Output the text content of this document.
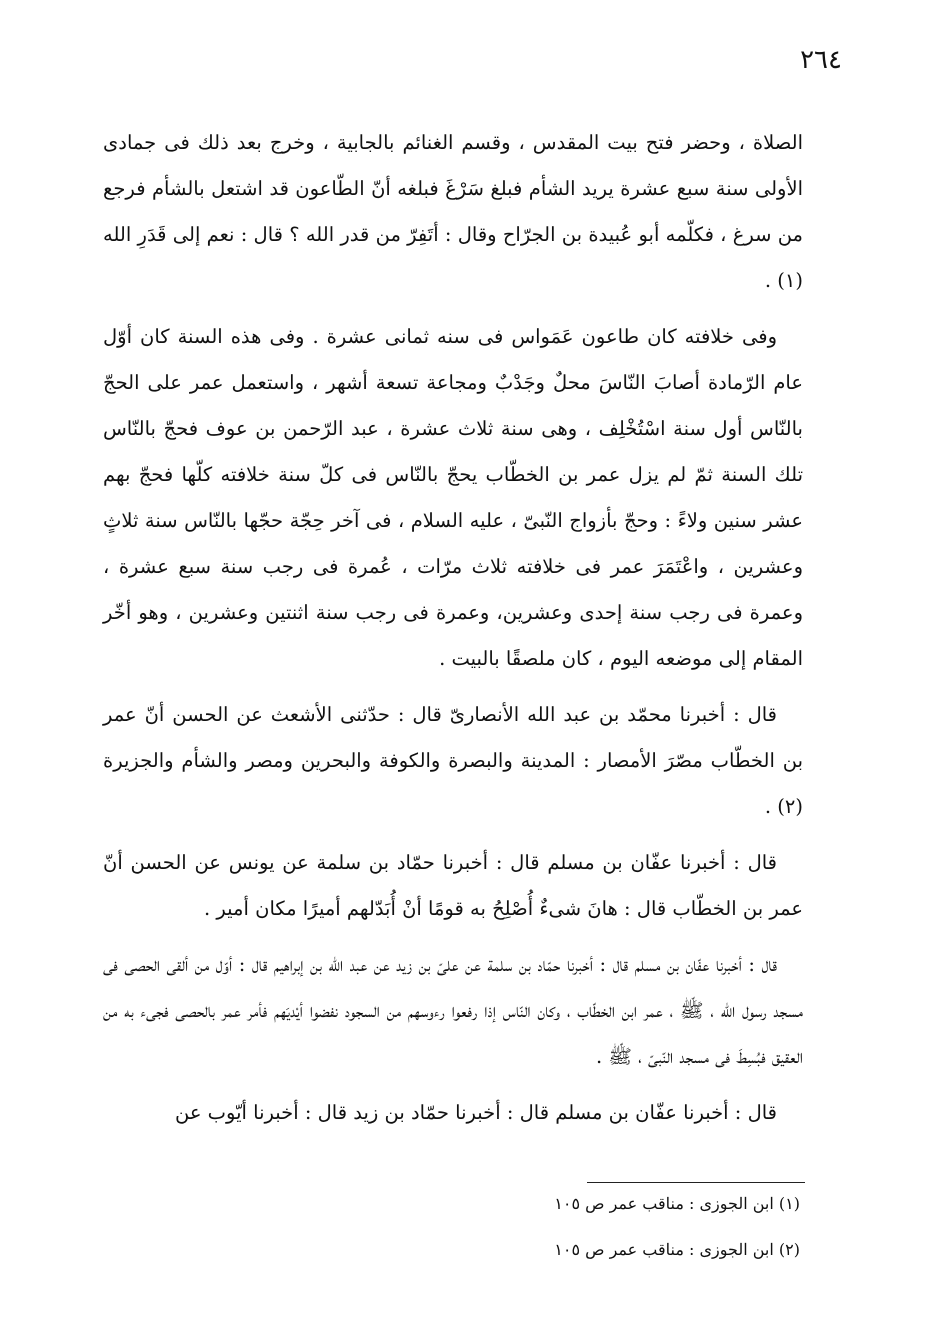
٢٦٤

الصلاة ، وحضر فتح بيت المقدس ، وقسم الغنائم بالجابية ، وخرج بعد ذلك فى جمادى الأولى سنة سبع عشرة يريد الشأم فبلغ سَرْغَ فبلغه أنّ الطّاعون قد اشتعل بالشأم فرجع من سرغ ، فكلّمه أبو عُبيدة بن الجرّاح وقال : أتَفِرّ من قدر الله ؟ قال : نعم إلى قَدَرِ الله (١) .

وفى خلافته كان طاعون عَمَواس فى سنه ثمانى عشرة . وفى هذه السنة كان أوّل عام الرّمادة أصابَ النّاسَ محلٌ وجَدْبٌ ومجاعة تسعة أشهر ، واستعمل عمر على الحجّ بالنّاس أول سنة اسْتُخْلِف ، وهى سنة ثلاث عشرة ، عبد الرّحمن بن عوف فحجّ بالنّاس تلك السنة ثمّ لم يزل عمر بن الخطّاب يحجّ بالنّاس فى كلّ سنة خلافته كلّها فحجّ بهم عشر سنين ولاءً : وحجّ بأزواج النّبىّ ، عليه السلام ، فى آخر حِجّة حجّها بالنّاس سنة ثلاثٍ وعشرين ، واعْتَمَرَ عمر فى خلافته ثلاث مرّات ، عُمرة فى رجب سنة سبع عشرة ، وعمرة فى رجب سنة إحدى وعشرين، وعمرة فى رجب سنة اثنتين وعشرين ، وهو أخّر المقام إلى موضعه اليوم ، كان ملصقًا بالبيت .

قال : أخبرنا محمّد بن عبد الله الأنصارىّ قال : حدّثنى الأشعث عن الحسن أنّ عمر بن الخطّاب مصّرَ الأمصار : المدينة والبصرة والكوفة والبحرين ومصر والشأم والجزيرة (٢) .

قال : أخبرنا عفّان بن مسلم قال : أخبرنا حمّاد بن سلمة عن يونس عن الحسن أنّ عمر بن الخطّاب قال : هانَ شىءٌ أُصْلِحُ به قومًا أنْ أُبَدّلهم أميرًا مكان أمير .

قال : أخبرنا عفّان بن مسلم قال : أخبرنا حمّاد بن سلمة عن علىّ بن زيد عن عبد الله بن إبراهيم قال : أوّل من ألقى الحصى فى مسجد رسول الله ، ﷺ ، عمر ابن الخطّاب ، وكان النّاس إذا رفعوا رءوسهم من السجود نفضوا أيْديَهم فأمر عمر بالحصى فجىء به من العقيق فبُسِطَ فى مسجد النّبىّ ، ﷺ .

قال : أخبرنا عفّان بن مسلم قال : أخبرنا حمّاد بن زيد قال : أخبرنا أيّوب عن

(١) ابن الجوزى : مناقب عمر ص ١٠٥
(٢) ابن الجوزى : مناقب عمر ص ١٠٥
